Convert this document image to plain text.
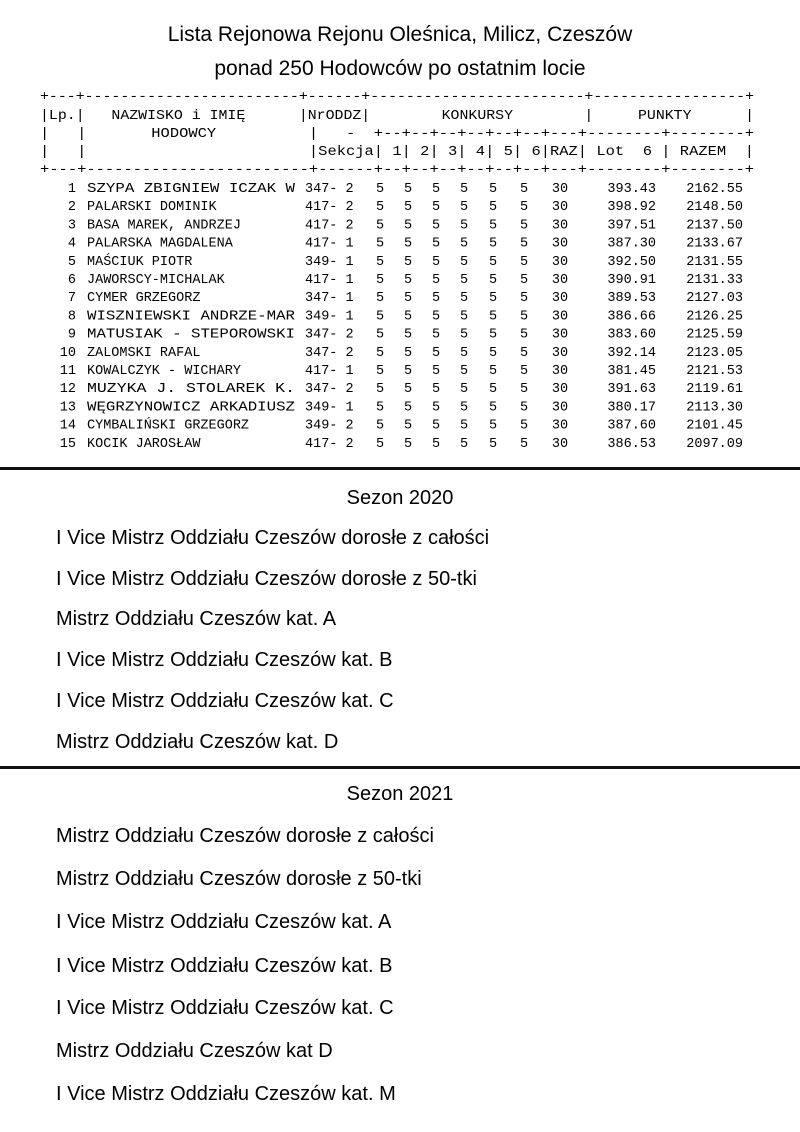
Lista Rejonowa Rejonu Oleśnica, Milicz, Czeszów
ponad 250 Hodowców po ostatnim locie
+---+------------------------+------+------------------------+-----------------+
|Lp.|   NAZWISKO i IMIĘ      |NrODDZ|        KONKURSY        |     PUNKTY      |
|   |       HODOWCY          |   -  +--+--+--+--+--+--+---+--------+--------+
|   |                        |Sekcja| 1| 2| 3| 4| 5| 6|RAZ| Lot  6 | RAZEM  |
+---+------------------------+------+--+--+--+--+--+--+---+--------+--------+
1 SZYPA ZBIGNIEW ICZAK W 347- 2 5 5 5 5 5 5 30	393.43 2162.55
2 PALARSKI DOMINIK	417- 2 5 5 5 5 5 5 30	398.92 2148.50
3 BASA MAREK, ANDRZEJ	417- 2 5 5 5 5 5 5 30	397.51 2137.50
4 PALARSKA MAGDALENA	417- 1 5 5 5 5 5 5 30	387.30 2133.67
5 MAŚCIUK PIOTR	349- 1 5 5 5 5 5 5 30	392.50 2131.55
6 JAWORSCY-MICHALAK	417- 1 5 5 5 5 5 5 30	390.91 2131.33
7 CYMER GRZEGORZ	347- 1 5 5 5 5 5 5 30	389.53 2127.03
8 WISZNIEWSKI ANDRZE-MAR 349- 1 5 5 5 5 5 5 30	386.66 2126.25
9 MATUSIAK - STEPOROWSKI 347- 2 5 5 5 5 5 5 30	383.60 2125.59
10 ZALOMSKI RAFAL	347- 2 5 5 5 5 5 5 30	392.14 2123.05
11 KOWALCZYK - WICHARY	417- 1 5 5 5 5 5 5 30	381.45 2121.53
12 MUZYKA J. STOLAREK K. 347- 2 5 5 5 5 5 5 30	391.63 2119.61
13 WĘGRZYNOWICZ ARKADIUSZ 349- 1 5 5 5 5 5 5 30	380.17 2113.30
14 CYMBALIŃSKI GRZEGORZ	349- 2 5 5 5 5 5 5 30	387.60 2101.45
15 KOCIK JAROSŁAW	417- 2 5 5 5 5 5 5 30	386.53 2097.09
Sezon 2020
I Vice Mistrz Oddziału Czeszów dorosłe z całości
I Vice Mistrz Oddziału Czeszów dorosłe z 50-tki
Mistrz Oddziału Czeszów kat. A
I Vice Mistrz Oddziału Czeszów kat. B
I Vice Mistrz Oddziału Czeszów kat. C
Mistrz Oddziału Czeszów kat. D
Sezon 2021
Mistrz Oddziału Czeszów dorosłe z całości
Mistrz Oddziału Czeszów dorosłe z 50-tki
I Vice Mistrz Oddziału Czeszów kat. A
I Vice Mistrz Oddziału Czeszów kat. B
I Vice Mistrz Oddziału Czeszów kat. C
Mistrz Oddziału Czeszów kat D
I Vice Mistrz Oddziału Czeszów kat. M
